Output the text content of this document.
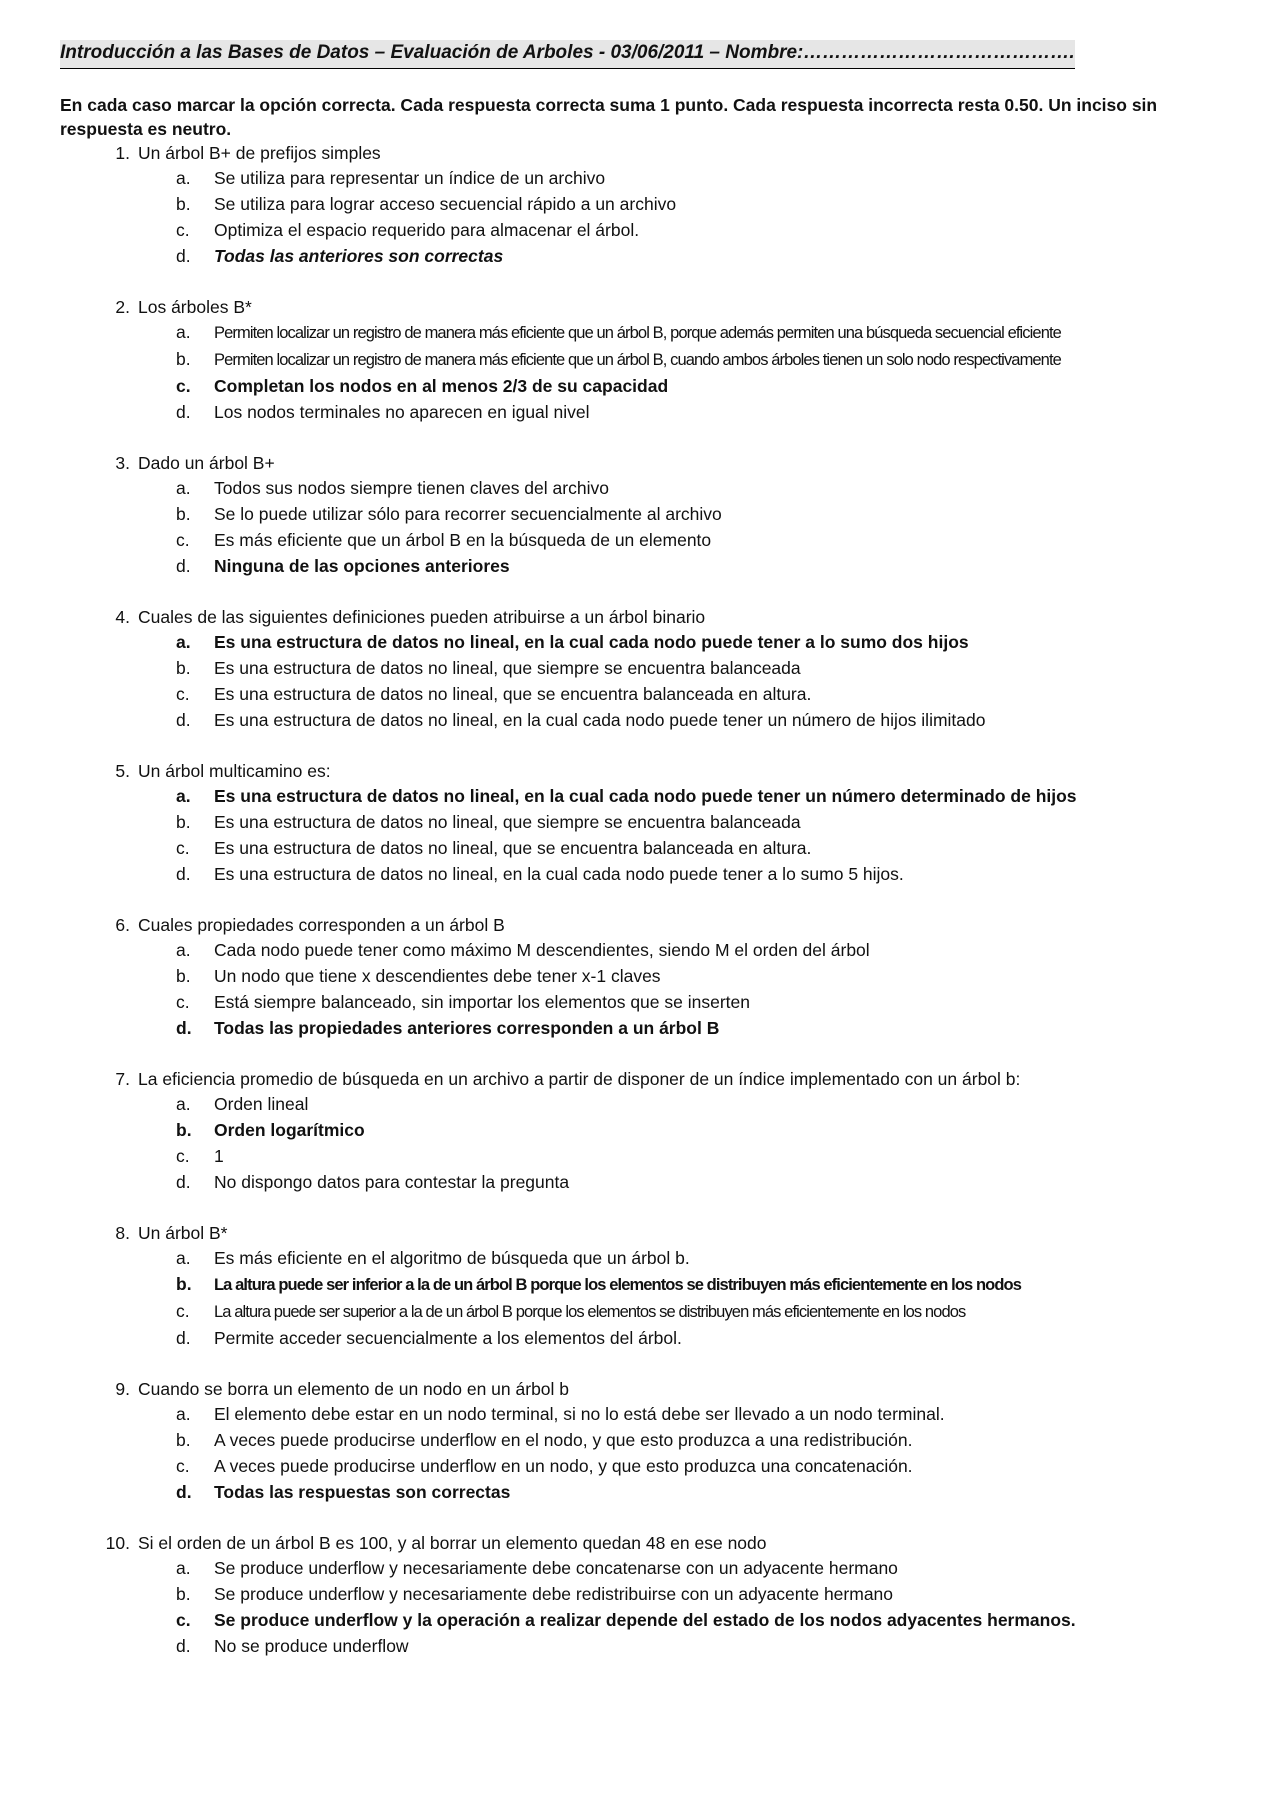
Introducción a las Bases de Datos – Evaluación de Arboles - 03/06/2011 – Nombre:…………………………………….
En cada caso marcar la opción correcta. Cada respuesta correcta suma 1 punto. Cada respuesta incorrecta resta 0.50. Un inciso sin respuesta es neutro.
1. Un árbol B+ de prefijos simples
a.	Se utiliza para representar un índice de un archivo
b.	Se utiliza para lograr acceso secuencial rápido a un archivo
c.	Optimiza el espacio requerido para almacenar el árbol.
d.	Todas las anteriores son correctas
2. Los árboles B*
a.	Permiten localizar un registro de manera más eficiente que un árbol B, porque además permiten una búsqueda secuencial eficiente
b.	Permiten localizar un registro de manera más eficiente que un árbol B, cuando ambos árboles tienen un solo nodo respectivamente
c.	Completan los nodos en al menos 2/3 de su capacidad
d.	Los nodos terminales no aparecen en igual nivel
3. Dado un árbol B+
a.	Todos sus nodos siempre tienen claves del archivo
b.	Se lo puede utilizar sólo para recorrer secuencialmente al archivo
c.	Es más eficiente que un árbol B en la búsqueda de un elemento
d.	Ninguna de las opciones anteriores
4. Cuales de las siguientes definiciones pueden atribuirse a un árbol binario
a.	Es una estructura de datos no lineal, en la cual cada nodo puede tener a lo sumo dos hijos
b.	Es una estructura de datos no lineal, que siempre se encuentra balanceada
c.	Es una estructura de datos no lineal, que se encuentra balanceada en altura.
d.	Es una estructura de datos no lineal, en la cual cada nodo puede tener un número de hijos ilimitado
5. Un árbol multicamino es:
a.	Es una estructura de datos no lineal, en la cual cada nodo puede tener un número determinado de hijos
b.	Es una estructura de datos no lineal, que siempre se encuentra balanceada
c.	Es una estructura de datos no lineal, que se encuentra balanceada en altura.
d.	Es una estructura de datos no lineal, en la cual cada nodo puede tener a lo sumo 5 hijos.
6. Cuales propiedades corresponden a un árbol B
a.	Cada nodo puede tener como máximo M descendientes, siendo M el orden del árbol
b.	Un nodo que tiene x descendientes debe tener x-1 claves
c.	Está siempre balanceado, sin importar los elementos que se inserten
d.	Todas las propiedades anteriores corresponden a un árbol B
7. La eficiencia promedio de búsqueda en un archivo a partir de disponer de un índice implementado con un árbol b:
a.	Orden lineal
b.	Orden logarítmico
c.	1
d.	No dispongo datos para contestar la pregunta
8. Un árbol B*
a.	Es más eficiente en el algoritmo de búsqueda que un árbol b.
b.	La altura puede ser inferior a la de un árbol B porque los elementos se distribuyen más eficientemente en los nodos
c.	La altura puede ser superior a la de un árbol B porque los elementos se distribuyen más eficientemente en los nodos
d.	Permite acceder secuencialmente a los elementos del árbol.
9. Cuando se borra un elemento de un nodo en un árbol b
a.	El elemento debe estar en un nodo terminal, si no lo está debe ser llevado a un nodo terminal.
b.	A veces puede producirse underflow en el nodo, y que esto produzca a una redistribución.
c.	A veces puede producirse underflow en un nodo, y que esto produzca una concatenación.
d.	Todas las respuestas son correctas
10. Si el orden de un árbol B es 100, y al borrar un elemento quedan 48 en ese nodo
a.	Se produce underflow y necesariamente debe concatenarse con un adyacente hermano
b.	Se produce underflow y necesariamente debe redistribuirse con un adyacente hermano
c.	Se produce underflow y la operación a realizar depende del estado de los nodos adyacentes hermanos.
d.	No se produce underflow
